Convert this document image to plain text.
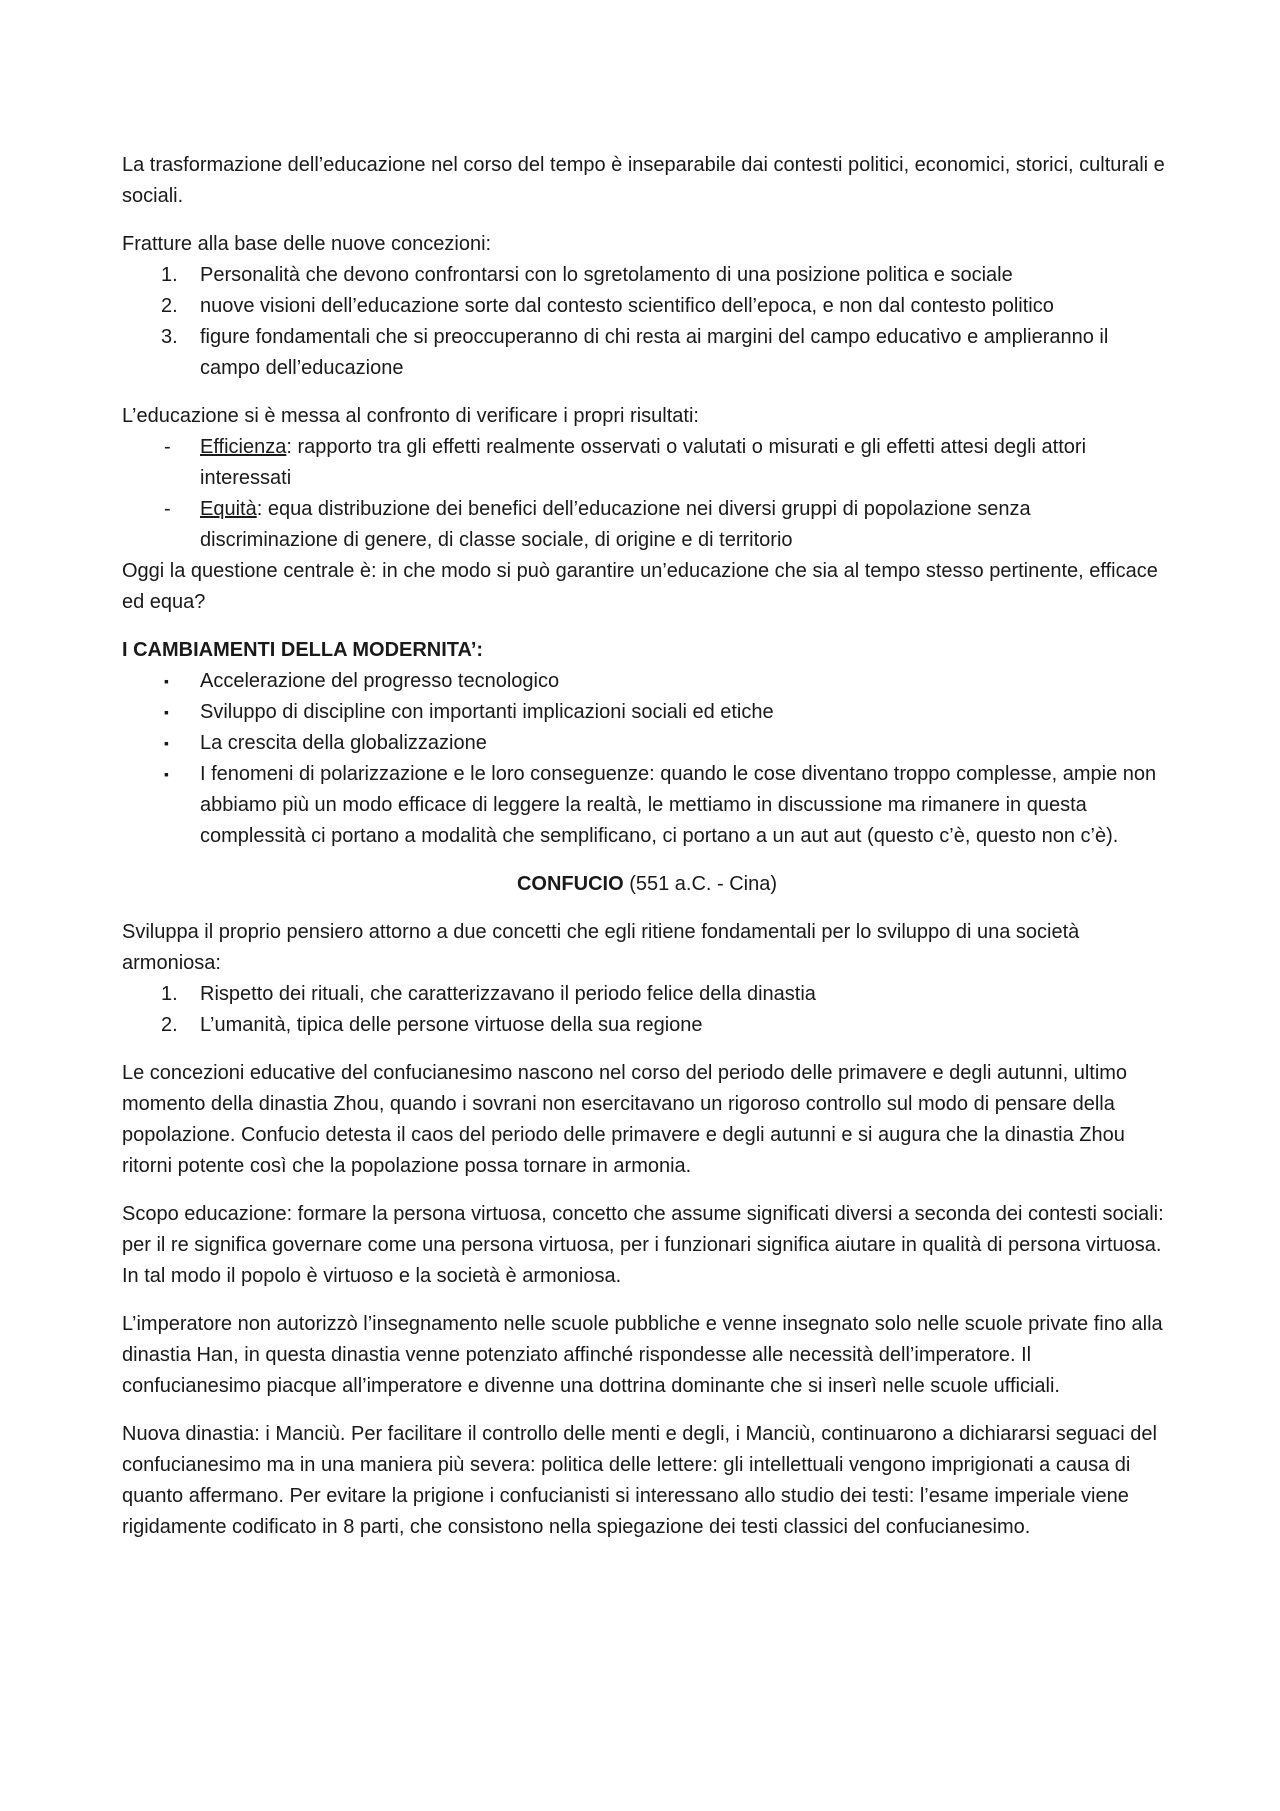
La trasformazione dell’educazione nel corso del tempo è inseparabile dai contesti politici, economici, storici, culturali e sociali.

Fratture alla base delle nuove concezioni:

1.	Personalità che devono confrontarsi con lo sgretolamento di una posizione politica e sociale
2.	nuove visioni dell’educazione sorte dal contesto scientifico dell’epoca, e non dal contesto politico
3.	figure fondamentali che si preoccuperanno di chi resta ai margini del campo educativo e amplieranno il campo dell’educazione

L’educazione si è messa al confronto di verificare i propri risultati:

-	Efficienza: rapporto tra gli effetti realmente osservati o valutati o misurati e gli effetti attesi degli attori interessati
-	Equità: equa distribuzione dei benefici dell’educazione nei diversi gruppi di popolazione senza discriminazione di genere, di classe sociale, di origine e di territorio

Oggi la questione centrale è: in che modo si può garantire un’educazione che sia al tempo stesso pertinente, efficace ed equa?

I CAMBIAMENTI DELLA MODERNITA’:

▪	Accelerazione del progresso tecnologico
▪	Sviluppo di discipline con importanti implicazioni sociali ed etiche
▪	La crescita della globalizzazione
▪	I fenomeni di polarizzazione e le loro conseguenze: quando le cose diventano troppo complesse, ampie non abbiamo più un modo efficace di leggere la realtà, le mettiamo in discussione ma rimanere in questa complessità ci portano a modalità che semplificano, ci portano a un aut aut (questo c’è, questo non c’è).

CONFUCIO (551 a.C. - Cina)

Sviluppa il proprio pensiero attorno a due concetti che egli ritiene fondamentali per lo sviluppo di una società armoniosa:

1.	Rispetto dei rituali, che caratterizzavano il periodo felice della dinastia
2.	L’umanità, tipica delle persone virtuose della sua regione

Le concezioni educative del confucianesimo nascono nel corso del periodo delle primavere e degli autunni, ultimo momento della dinastia Zhou, quando i sovrani non esercitavano un rigoroso controllo sul modo di pensare della popolazione. Confucio detesta il caos del periodo delle primavere e degli autunni e si augura che la dinastia Zhou ritorni potente così che la popolazione possa tornare in armonia.

Scopo educazione: formare la persona virtuosa, concetto che assume significati diversi a seconda dei contesti sociali: per il re significa governare come una persona virtuosa, per i funzionari significa aiutare in qualità di persona virtuosa. In tal modo il popolo è virtuoso e la società è armoniosa.

L’imperatore non autorizzò l’insegnamento nelle scuole pubbliche e venne insegnato solo nelle scuole private fino alla dinastia Han, in questa dinastia venne potenziato affinché rispondesse alle necessità dell’imperatore. Il confucianesimo piacque all’imperatore e divenne una dottrina dominante che si inserì nelle scuole ufficiali.

Nuova dinastia: i Manciù. Per facilitare il controllo delle menti e degli, i Manciù, continuarono a dichiararsi seguaci del confucianesimo ma in una maniera più severa: politica delle lettere: gli intellettuali vengono imprigionati a causa di quanto affermano. Per evitare la prigione i confucianisti si interessano allo studio dei testi: l’esame imperiale viene rigidamente codificato in 8 parti, che consistono nella spiegazione dei testi classici del confucianesimo.
